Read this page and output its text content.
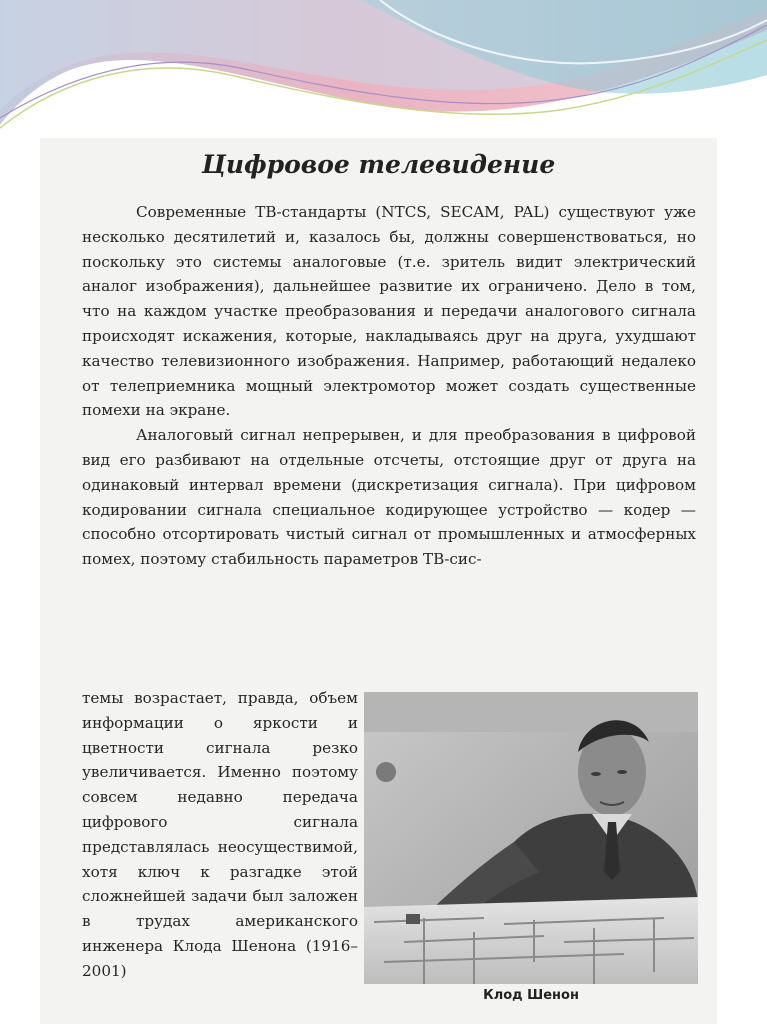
Цифровое телевидение

Современные ТВ-стандарты (NTCS, SECAM, PAL) существуют уже несколько десятилетий и, казалось бы, должны совершенствоваться, но поскольку это системы аналоговые (т.е. зритель видит электрический аналог изображения), дальнейшее развитие их ограничено. Дело в том, что на каждом участке преобразования и передачи аналогового сигнала происходят искажения, которые, накладываясь друг на друга, ухудшают качество телевизионного изображения. Например, работающий недалеко от телеприемника мощный электромотор может создать существенные помехи на экране.

Аналоговый сигнал непрерывен, и для преобразования в цифровой вид его разбивают на отдельные отсчеты, отстоящие друг от друга на одинаковый интервал времени (дискретизация сигнала). При цифровом кодировании сигнала специальное кодирующее устройство — кодер — способно отсортировать чистый сигнал от промышленных и атмосферных помех, поэтому стабильность параметров ТВ-сис-

темы возрастает, правда, объем информации о яркости и цветности сигнала резко увеличивается. Именно поэтому совсем недавно передача цифрового сигнала представлялась неосуществимой, хотя ключ к разгадке этой сложнейшей задачи был заложен в трудах американского инженера Клода Шенона (1916–2001)
Клод Шенон
